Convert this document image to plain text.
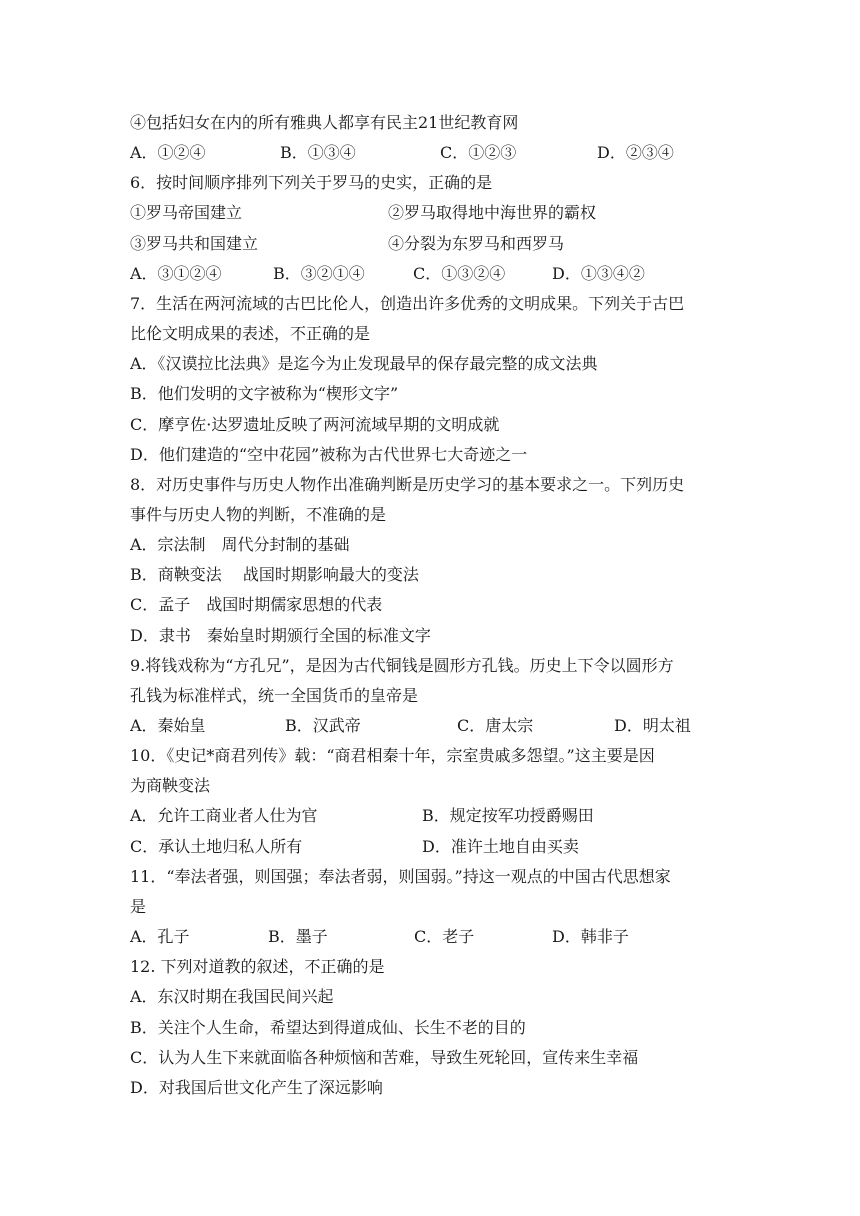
④包括妇女在内的所有雅典人都享有民主21世纪教育网
A．①②④	B．①③④	C．①②③	D．②③④
6．按时间顺序排列下列关于罗马的史实，正确的是
①罗马帝国建立	②罗马取得地中海世界的霸权
③罗马共和国建立	④分裂为东罗马和西罗马
A．③①②④	B．③②①④	C．①③②④	D．①③④②
7．生活在两河流域的古巴比伦人，创造出许多优秀的文明成果。下列关于古巴
比伦文明成果的表述，不正确的是
A．《汉谟拉比法典》是迄今为止发现最早的保存最完整的成文法典
B．他们发明的文字被称为“楔形文字”
C．摩亨佐·达罗遗址反映了两河流域早期的文明成就
D．他们建造的“空中花园”被称为古代世界七大奇迹之一
8．对历史事件与历史人物作出准确判断是历史学习的基本要求之一。下列历史
事件与历史人物的判断，不准确的是
A．宗法制　周代分封制的基础
B．商鞅变法　 战国时期影响最大的变法
C．孟子　战国时期儒家思想的代表
D．隶书　秦始皇时期颁行全国的标准文字
9.将钱戏称为“方孔兄”，是因为古代铜钱是圆形方孔钱。历史上下令以圆形方
孔钱为标准样式，统一全国货币的皇帝是
A．秦始皇	B．汉武帝	C．唐太宗	D．明太祖
10．《史记*商君列传》载：“商君相秦十年，宗室贵戚多怨望。”这主要是因
为商鞅变法
A．允许工商业者人仕为官	B．规定按军功授爵赐田
C．承认土地归私人所有	D．准许土地自由买卖
11．“奉法者强，则国强；奉法者弱，则国弱。”持这一观点的中国古代思想家
是
A．孔子	B．墨子	C．老子	D．韩非子
12. 下列对道教的叙述，不正确的是
A．东汉时期在我国民间兴起
B．关注个人生命，希望达到得道成仙、长生不老的目的
C．认为人生下来就面临各种烦恼和苦难，导致生死轮回，宣传来生幸福
D．对我国后世文化产生了深远影响
